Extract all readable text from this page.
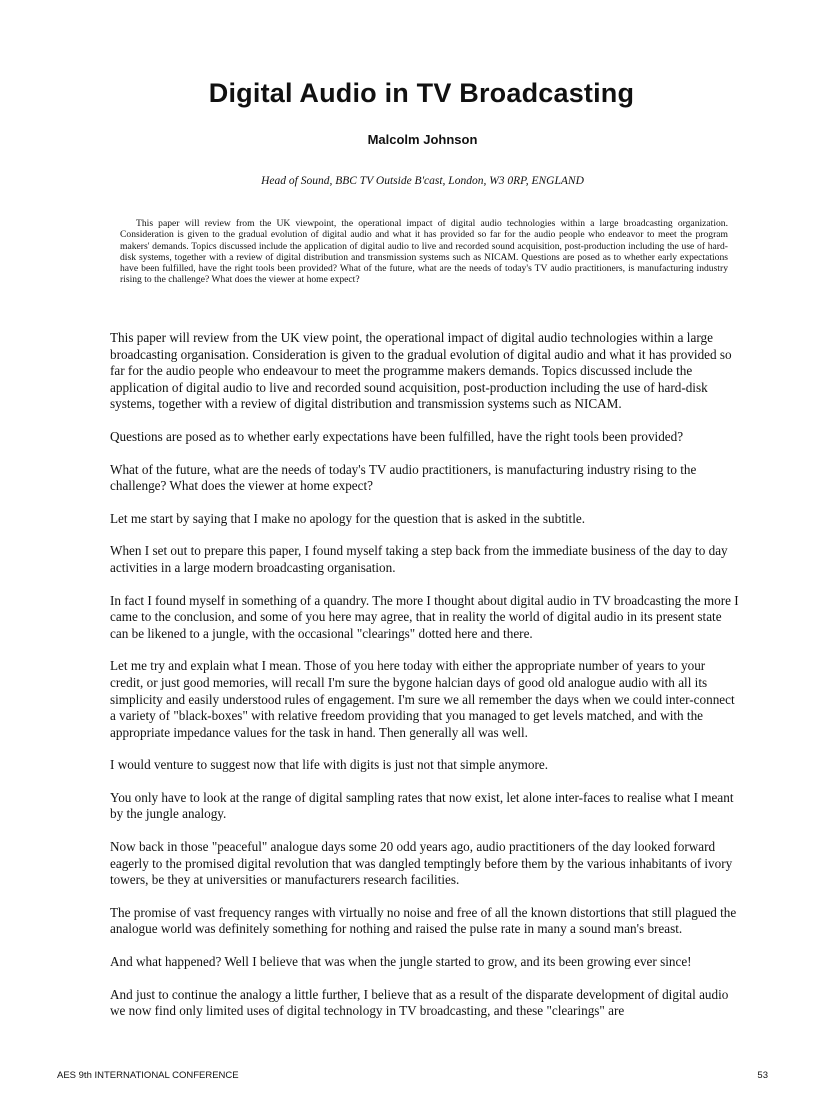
Digital Audio in TV Broadcasting

Malcolm Johnson

Head of Sound, BBC TV Outside B'cast, London, W3 0RP, ENGLAND

This paper will review from the UK viewpoint, the operational impact of digital audio technologies within a large broadcasting organization. Consideration is given to the gradual evolution of digital audio and what it has provided so far for the audio people who endeavor to meet the program makers' demands. Topics discussed include the application of digital audio to live and recorded sound acquisition, post-production including the use of hard-disk systems, together with a review of digital distribution and transmission systems such as NICAM. Questions are posed as to whether early expectations have been fulfilled, have the right tools been provided? What of the future, what are the needs of today's TV audio practitioners, is manufacturing industry rising to the challenge? What does the viewer at home expect?

This paper will review from the UK view point, the operational impact of digital audio technologies within a large broadcasting organisation. Consideration is given to the gradual evolution of digital audio and what it has provided so far for the audio people who endeavour to meet the programme makers demands. Topics discussed include the application of digital audio to live and recorded sound acquisition, post-production including the use of hard-disk systems, together with a review of digital distribution and transmission systems such as NICAM.

Questions are posed as to whether early expectations have been fulfilled, have the right tools been provided?

What of the future, what are the needs of today's TV audio practitioners, is manufacturing industry rising to the challenge? What does the viewer at home expect?

Let me start by saying that I make no apology for the question that is asked in the subtitle.

When I set out to prepare this paper, I found myself taking a step back from the immediate business of the day to day activities in a large modern broadcasting organisation.

In fact I found myself in something of a quandry. The more I thought about digital audio in TV broadcasting the more I came to the conclusion, and some of you here may agree, that in reality the world of digital audio in its present state can be likened to a jungle, with the occasional "clearings" dotted here and there.

Let me try and explain what I mean. Those of you here today with either the appropriate number of years to your credit, or just good memories, will recall I'm sure the bygone halcian days of good old analogue audio with all its simplicity and easily understood rules of engagement. I'm sure we all remember the days when we could inter-connect a variety of "black-boxes" with relative freedom providing that you managed to get levels matched, and with the appropriate impedance values for the task in hand. Then generally all was well.

I would venture to suggest now that life with digits is just not that simple anymore.

You only have to look at the range of digital sampling rates that now exist, let alone inter-faces to realise what I meant by the jungle analogy.

Now back in those "peaceful" analogue days some 20 odd years ago, audio practitioners of the day looked forward eagerly to the promised digital revolution that was dangled temptingly before them by the various inhabitants of ivory towers, be they at universities or manufacturers research facilities.

The promise of vast frequency ranges with virtually no noise and free of all the known distortions that still plagued the analogue world was definitely something for nothing and raised the pulse rate in many a sound man's breast.

And what happened? Well I believe that was when the jungle started to grow, and its been growing ever since!

And just to continue the analogy a little further, I believe that as a result of the disparate development of digital audio we now find only limited uses of digital technology in TV broadcasting, and these "clearings" are

AES 9th INTERNATIONAL CONFERENCE	53
